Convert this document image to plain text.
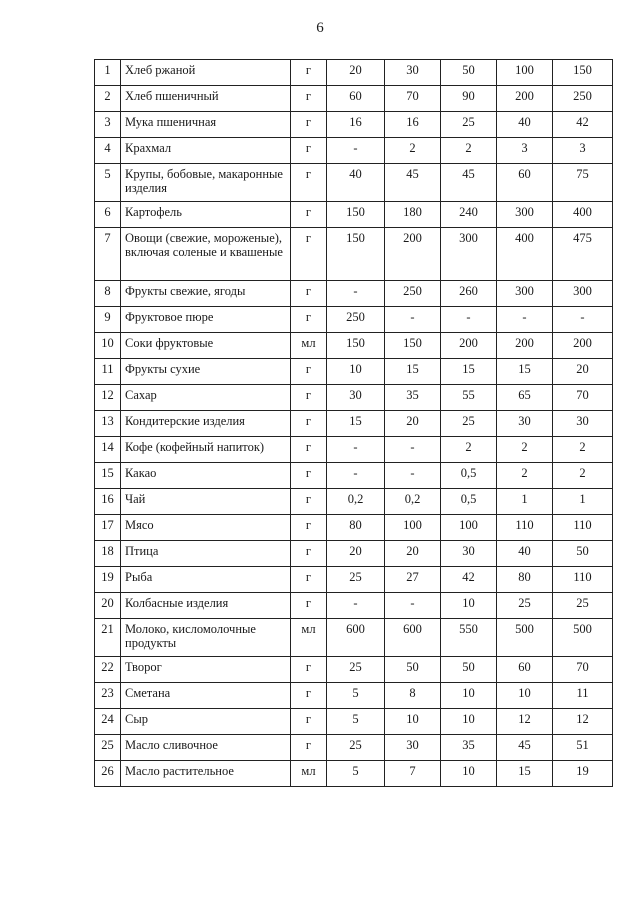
6
1	Хлеб ржаной	г	20	30	50	100	150
2	Хлеб пшеничный	г	60	70	90	200	250
3	Мука пшеничная	г	16	16	25	40	42
4	Крахмал	г	-	2	2	3	3
5	Крупы, бобовые, макаронные изделия	г	40	45	45	60	75
6	Картофель	г	150	180	240	300	400
7	Овощи (свежие, мороженые), включая соленые и квашеные	г	150	200	300	400	475
8	Фрукты свежие, ягоды	г	-	250	260	300	300
9	Фруктовое пюре	г	250	-	-	-	-
10	Соки фруктовые	мл	150	150	200	200	200
11	Фрукты сухие	г	10	15	15	15	20
12	Сахар	г	30	35	55	65	70
13	Кондитерские изделия	г	15	20	25	30	30
14	Кофе (кофейный напиток)	г	-	-	2	2	2
15	Какао	г	-	-	0,5	2	2
16	Чай	г	0,2	0,2	0,5	1	1
17	Мясо	г	80	100	100	110	110
18	Птица	г	20	20	30	40	50
19	Рыба	г	25	27	42	80	110
20	Колбасные изделия	г	-	-	10	25	25
21	Молоко, кисломолочные продукты	мл	600	600	550	500	500
22	Творог	г	25	50	50	60	70
23	Сметана	г	5	8	10	10	11
24	Сыр	г	5	10	10	12	12
25	Масло сливочное	г	25	30	35	45	51
26	Масло растительное	мл	5	7	10	15	19
